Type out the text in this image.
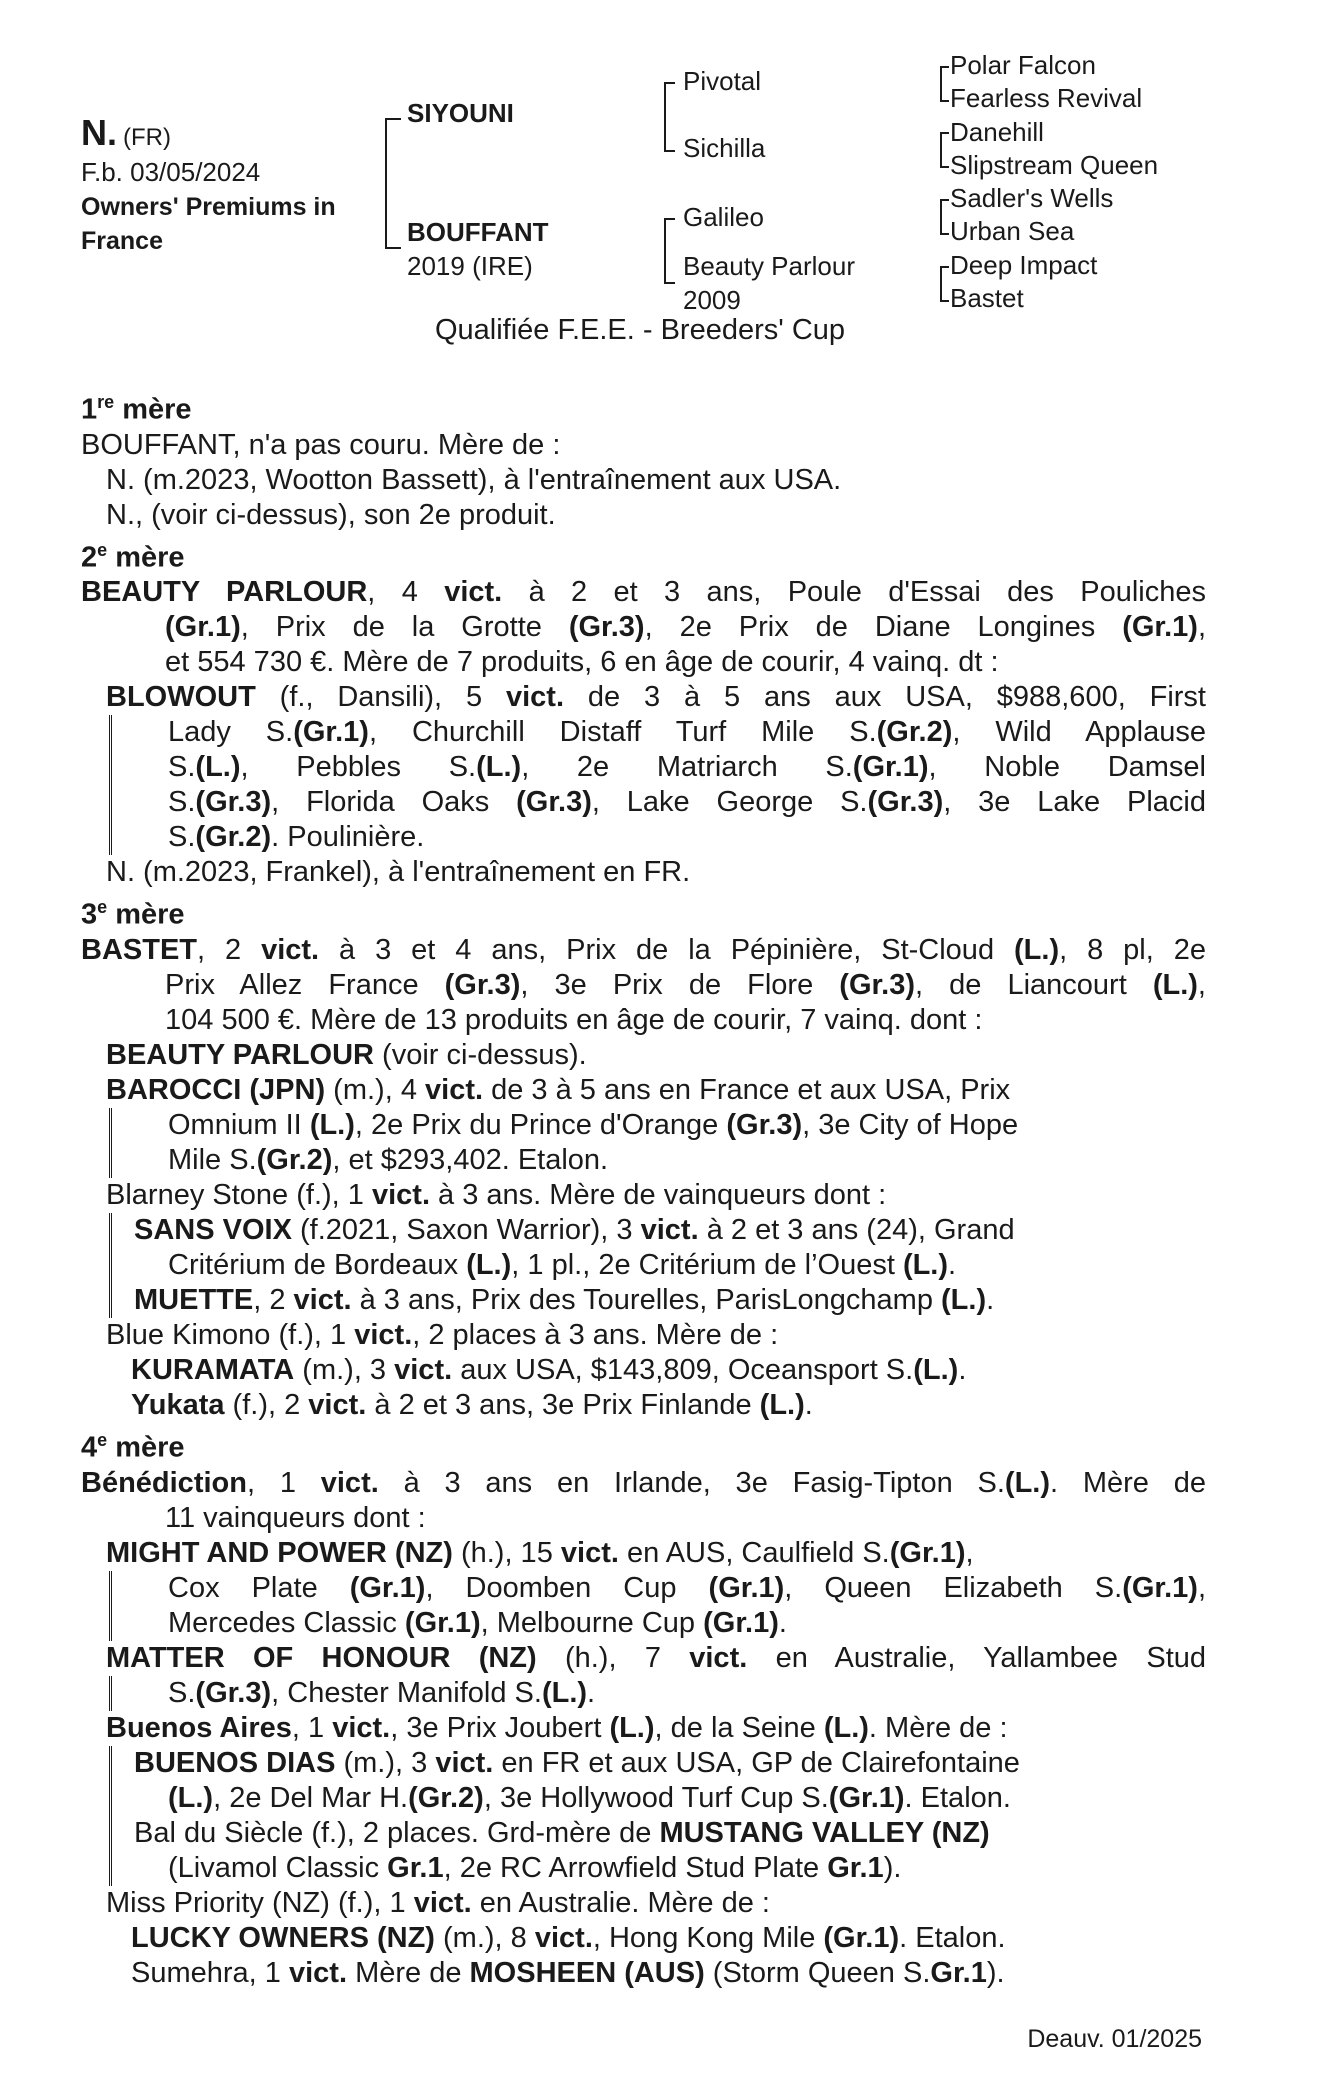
N. (FR)
F.b. 03/05/2024
Owners' Premiums in
France
SIYOUNI
BOUFFANT
2019 (IRE)
Pivotal
Sichilla
Galileo
Beauty Parlour
2009
Polar Falcon
Fearless Revival
Danehill
Slipstream Queen
Sadler's Wells
Urban Sea
Deep Impact
Bastet
Qualifiée F.E.E. - Breeders' Cup
1re mère
BOUFFANT, n'a pas couru. Mère de :
N. (m.2023, Wootton Bassett), à l'entraînement aux USA.
N., (voir ci-dessus), son 2e produit.
2e mère
BEAUTY PARLOUR, 4 vict. à 2 et 3 ans, Poule d'Essai des Pouliches
(Gr.1), Prix de la Grotte (Gr.3), 2e Prix de Diane Longines (Gr.1),
et 554 730 €. Mère de 7 produits, 6 en âge de courir, 4 vainq. dt :
BLOWOUT (f., Dansili), 5 vict. de 3 à 5 ans aux USA, $988,600, First
Lady S.(Gr.1), Churchill Distaff Turf Mile S.(Gr.2), Wild Applause
S.(L.), Pebbles S.(L.), 2e Matriarch S.(Gr.1), Noble Damsel
S.(Gr.3), Florida Oaks (Gr.3), Lake George S.(Gr.3), 3e Lake Placid
S.(Gr.2). Poulinière.
N. (m.2023, Frankel), à l'entraînement en FR.
3e mère
BASTET, 2 vict. à 3 et 4 ans, Prix de la Pépinière, St-Cloud (L.), 8 pl, 2e
Prix Allez France (Gr.3), 3e Prix de Flore (Gr.3), de Liancourt (L.),
104 500 €. Mère de 13 produits en âge de courir, 7 vainq. dont :
BEAUTY PARLOUR (voir ci-dessus).
BAROCCI (JPN) (m.), 4 vict. de 3 à 5 ans en France et aux USA, Prix
Omnium II (L.), 2e Prix du Prince d'Orange (Gr.3), 3e City of Hope
Mile S.(Gr.2), et $293,402. Etalon.
Blarney Stone (f.), 1 vict. à 3 ans. Mère de vainqueurs dont :
SANS VOIX (f.2021, Saxon Warrior), 3 vict. à 2 et 3 ans (24), Grand
Critérium de Bordeaux (L.), 1 pl., 2e Critérium de l’Ouest (L.).
MUETTE, 2 vict. à 3 ans, Prix des Tourelles, ParisLongchamp (L.).
Blue Kimono (f.), 1 vict., 2 places à 3 ans. Mère de :
KURAMATA (m.), 3 vict. aux USA, $143,809, Oceansport S.(L.).
Yukata (f.), 2 vict. à 2 et 3 ans, 3e Prix Finlande (L.).
4e mère
Bénédiction, 1 vict. à 3 ans en Irlande, 3e Fasig-Tipton S.(L.). Mère de
11 vainqueurs dont :
MIGHT AND POWER (NZ) (h.), 15 vict. en AUS, Caulfield S.(Gr.1),
Cox Plate (Gr.1), Doomben Cup (Gr.1), Queen Elizabeth S.(Gr.1),
Mercedes Classic (Gr.1), Melbourne Cup (Gr.1).
MATTER OF HONOUR (NZ) (h.), 7 vict. en Australie, Yallambee Stud
S.(Gr.3), Chester Manifold S.(L.).
Buenos Aires, 1 vict., 3e Prix Joubert (L.), de la Seine (L.). Mère de :
BUENOS DIAS (m.), 3 vict. en FR et aux USA, GP de Clairefontaine
(L.), 2e Del Mar H.(Gr.2), 3e Hollywood Turf Cup S.(Gr.1). Etalon.
Bal du Siècle (f.), 2 places. Grd-mère de MUSTANG VALLEY (NZ)
(Livamol Classic Gr.1, 2e RC Arrowfield Stud Plate Gr.1).
Miss Priority (NZ) (f.), 1 vict. en Australie. Mère de :
LUCKY OWNERS (NZ) (m.), 8 vict., Hong Kong Mile (Gr.1). Etalon.
Sumehra, 1 vict. Mère de MOSHEEN (AUS) (Storm Queen S.Gr.1).
Deauv. 01/2025
